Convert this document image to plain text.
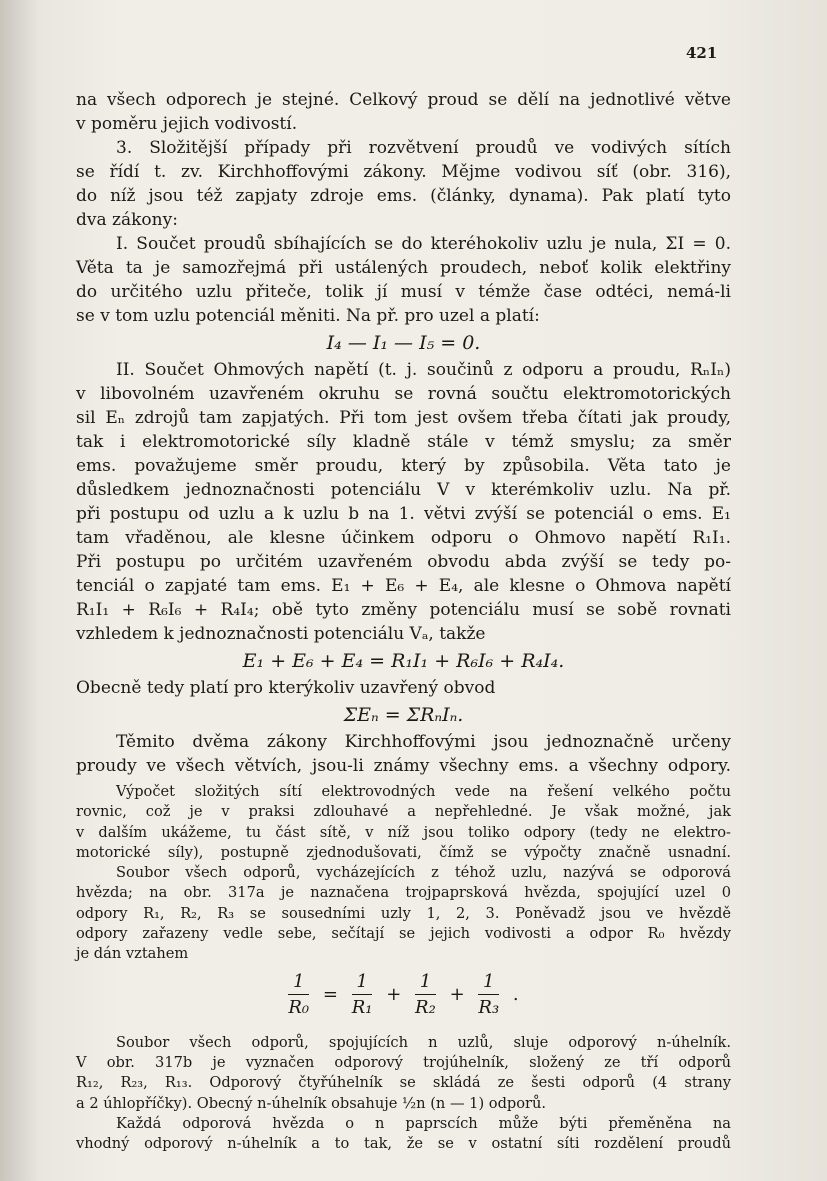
421
na všech odporech je stejné. Celkový proud se dělí na jednotlivé větve
v poměru jejich vodivostí.
3. Složitější případy při rozvětvení proudů ve vodivých sítích
se řídí t. zv. Kirchhoffovými zákony. Mějme vodivou síť (obr. 316),
do níž jsou též zapjaty zdroje ems. (články, dynama). Pak platí tyto
dva zákony:
I. Součet proudů sbíhajících se do kteréhokoliv uzlu je nula, ΣI = 0.
Věta ta je samozřejmá při ustálených proudech, neboť kolik elektřiny
do určitého uzlu přiteče, tolik jí musí v témže čase odtéci, nemá-li
se v tom uzlu potenciál měniti. Na př. pro uzel a platí:
I₄ — I₁ — I₅ = 0.
II. Součet Ohmových napětí (t. j. součinů z odporu a proudu, RₙIₙ)
v libovolném uzavřeném okruhu se rovná součtu elektromotorických
sil Eₙ zdrojů tam zapjatých. Při tom jest ovšem třeba čítati jak proudy,
tak i elektromotorické síly kladně stále v témž smyslu; za směr
ems. považujeme směr proudu, který by způsobila. Věta tato je
důsledkem jednoznačnosti potenciálu V v kterémkoliv uzlu. Na př.
při postupu od uzlu a k uzlu b na 1. větvi zvýší se potenciál o ems. E₁
tam vřaděnou, ale klesne účinkem odporu o Ohmovo napětí R₁I₁.
Při postupu po určitém uzavřeném obvodu abda zvýší se tedy po-
tenciál o zapjaté tam ems. E₁ + E₆ + E₄, ale klesne o Ohmova napětí
R₁I₁ + R₆I₆ + R₄I₄; obě tyto změny potenciálu musí se sobě rovnati
vzhledem k jednoznačnosti potenciálu Vₐ, takže
E₁ + E₆ + E₄ = R₁I₁ + R₆I₆ + R₄I₄.
Obecně tedy platí pro kterýkoliv uzavřený obvod
ΣEₙ = ΣRₙIₙ.
Těmito dvěma zákony Kirchhoffovými jsou jednoznačně určeny
proudy ve všech větvích, jsou-li známy všechny ems. a všechny odpory.
Výpočet složitých sítí elektrovodných vede na řešení velkého počtu
rovnic, což je v praksi zdlouhavé a nepřehledné. Je však možné, jak
v dalším ukážeme, tu část sítě, v níž jsou toliko odpory (tedy ne elektro-
motorické síly), postupně zjednodušovati, čímž se výpočty značně usnadní.
Soubor všech odporů, vycházejících z téhož uzlu, nazývá se odporová
hvězda; na obr. 317a je naznačena trojpaprsková hvězda, spojující uzel 0
odpory R₁, R₂, R₃ se sousedními uzly 1, 2, 3. Poněvadž jsou ve hvězdě
odpory zařazeny vedle sebe, sečítají se jejich vodivosti a odpor R₀ hvězdy
je dán vztahem
$\frac{1}{\text{R₀}} = \frac{1}{\text{R₁}} + \frac{1}{\text{R₂}} + \frac{1}{\text{R₃}}$ .
Soubor všech odporů, spojujících n uzlů, sluje odporový n-úhelník.
V obr. 317b je vyznačen odporový trojúhelník, složený ze tří odporů
R₁₂, R₂₃, R₁₃. Odporový čtyřúhelník se skládá ze šesti odporů (4 strany
a 2 úhlopříčky). Obecný n-úhelník obsahuje ½n (n — 1) odporů.
Každá odporová hvězda o n paprscích může býti přeměněna na
vhodný odporový n-úhelník a to tak, že se v ostatní síti rozdělení proudů
